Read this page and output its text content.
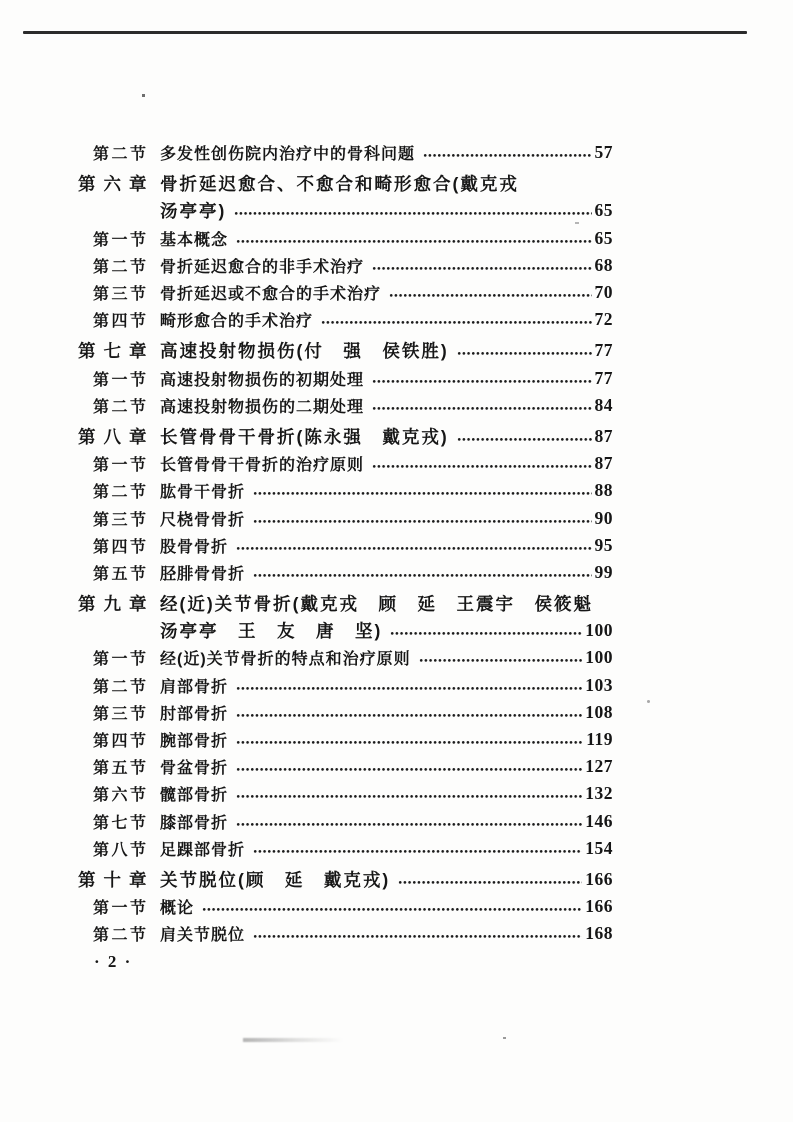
第二节 多发性创伤院内治疗中的骨科问题	57
第六章 骨折延迟愈合、不愈合和畸形愈合(戴克戎
汤亭亭)	65
第一节 基本概念	65
第二节 骨折延迟愈合的非手术治疗	68
第三节 骨折延迟或不愈合的手术治疗	70
第四节 畸形愈合的手术治疗	72
第七章 高速投射物损伤(付　强　侯铁胜)	77
第一节 高速投射物损伤的初期处理	77
第二节 高速投射物损伤的二期处理	84
第八章 长管骨骨干骨折(陈永强　戴克戎)	87
第一节 长管骨骨干骨折的治疗原则	87
第二节 肱骨干骨折	88
第三节 尺桡骨骨折	90
第四节 股骨骨折	95
第五节 胫腓骨骨折	99
第九章 经(近)关节骨折(戴克戎　顾　延　王震宇　侯筱魁
汤亭亭　王　友　唐　坚)	100
第一节 经(近)关节骨折的特点和治疗原则	100
第二节 肩部骨折	103
第三节 肘部骨折	108
第四节 腕部骨折	119
第五节 骨盆骨折	127
第六节 髋部骨折	132
第七节 膝部骨折	146
第八节 足踝部骨折	154
第十章 关节脱位(顾　延　戴克戎)	166
第一节 概论	166
第二节 肩关节脱位	168
· 2 ·
